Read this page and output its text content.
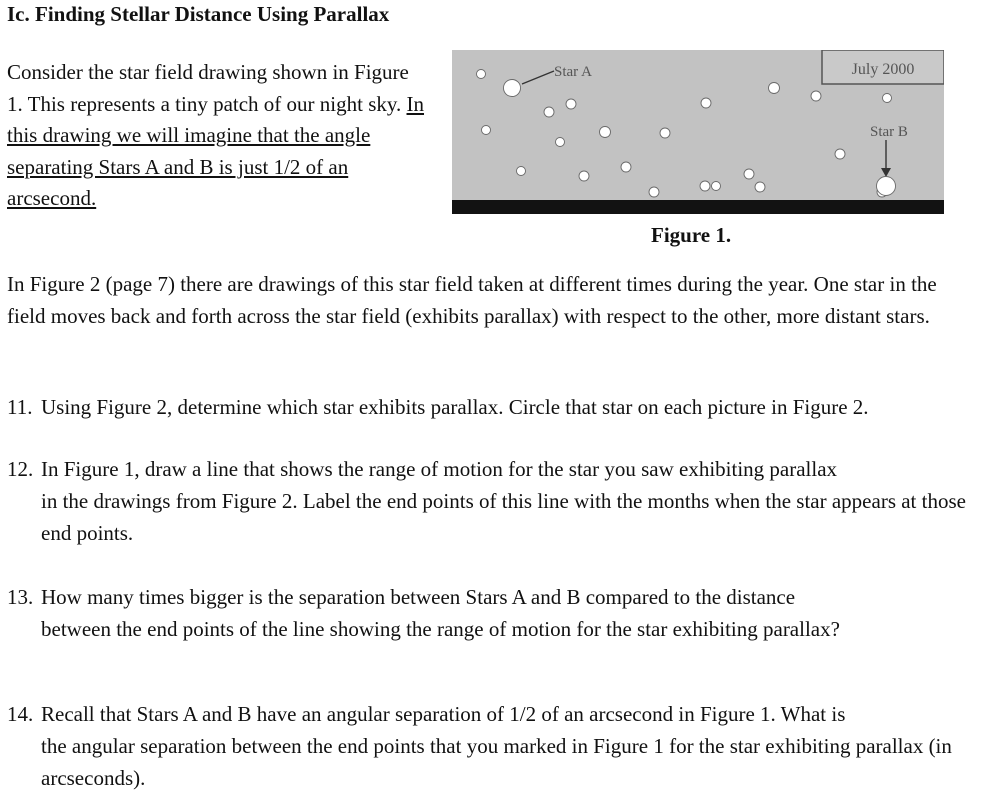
Ic. Finding Stellar Distance Using Parallax
Consider the star field drawing shown in Figure 1. This represents a tiny patch of our night sky. In this drawing we will imagine that the angle separating Stars A and B is just 1/2 of an arcsecond.
July 2000
Star A
Star B
Figure 1.
In Figure 2 (page 7) there are drawings of this star field taken at different times during the year. One star in the field moves back and forth across the star field (exhibits parallax) with respect to the other, more distant stars.
11. Using Figure 2, determine which star exhibits parallax. Circle that star on each picture in Figure 2.
12. In Figure 1, draw a line that shows the range of motion for the star you saw exhibiting parallax
in the drawings from Figure 2. Label the end points of this line with the months when the star appears at those end points.
13. How many times bigger is the separation between Stars A and B compared to the distance
between the end points of the line showing the range of motion for the star exhibiting parallax?
14. Recall that Stars A and B have an angular separation of 1/2 of an arcsecond in Figure 1. What is
the angular separation between the end points that you marked in Figure 1 for the star exhibiting parallax (in arcseconds).
